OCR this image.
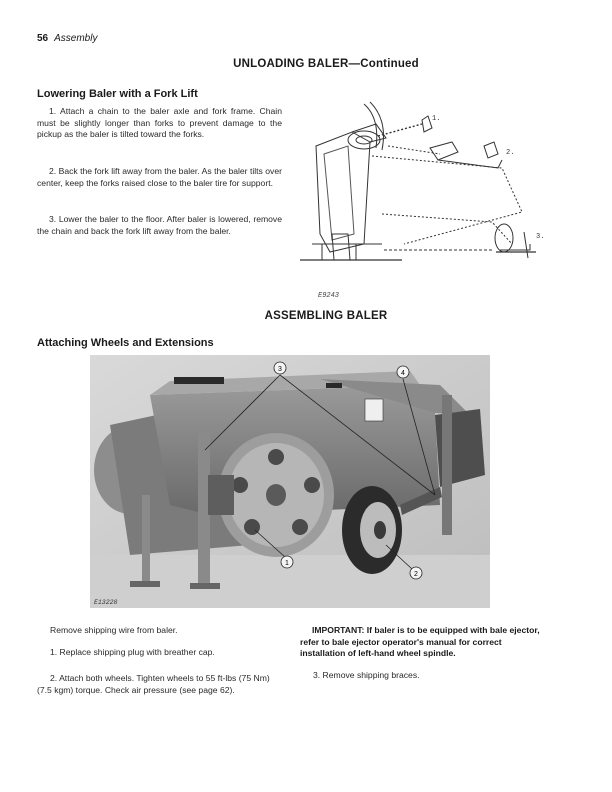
56 Assembly
UNLOADING BALER—Continued
Lowering Baler with a Fork Lift
1. Attach a chain to the baler axle and fork frame. Chain must be slightly longer than forks to prevent damage to the pickup as the baler is tilted toward the forks.
2. Back the fork lift away from the baler. As the baler tilts over center, keep the forks raised close to the baler tire for support.
3. Lower the baler to the floor. After baler is lowered, remove the chain and back the fork lift away from the baler.
1.
2.
3.
E9243
ASSEMBLING BALER
Attaching Wheels and Extensions
1
2
3
4
E13228
Remove shipping wire from baler.
1. Replace shipping plug with breather cap.
2. Attach both wheels. Tighten wheels to 55 ft-lbs (75 Nm) (7.5 kgm) torque. Check air pressure (see page 62).
IMPORTANT: If baler is to be equipped with bale ejector, refer to bale ejector operator's manual for correct installation of left-hand wheel spindle.
3. Remove shipping braces.
